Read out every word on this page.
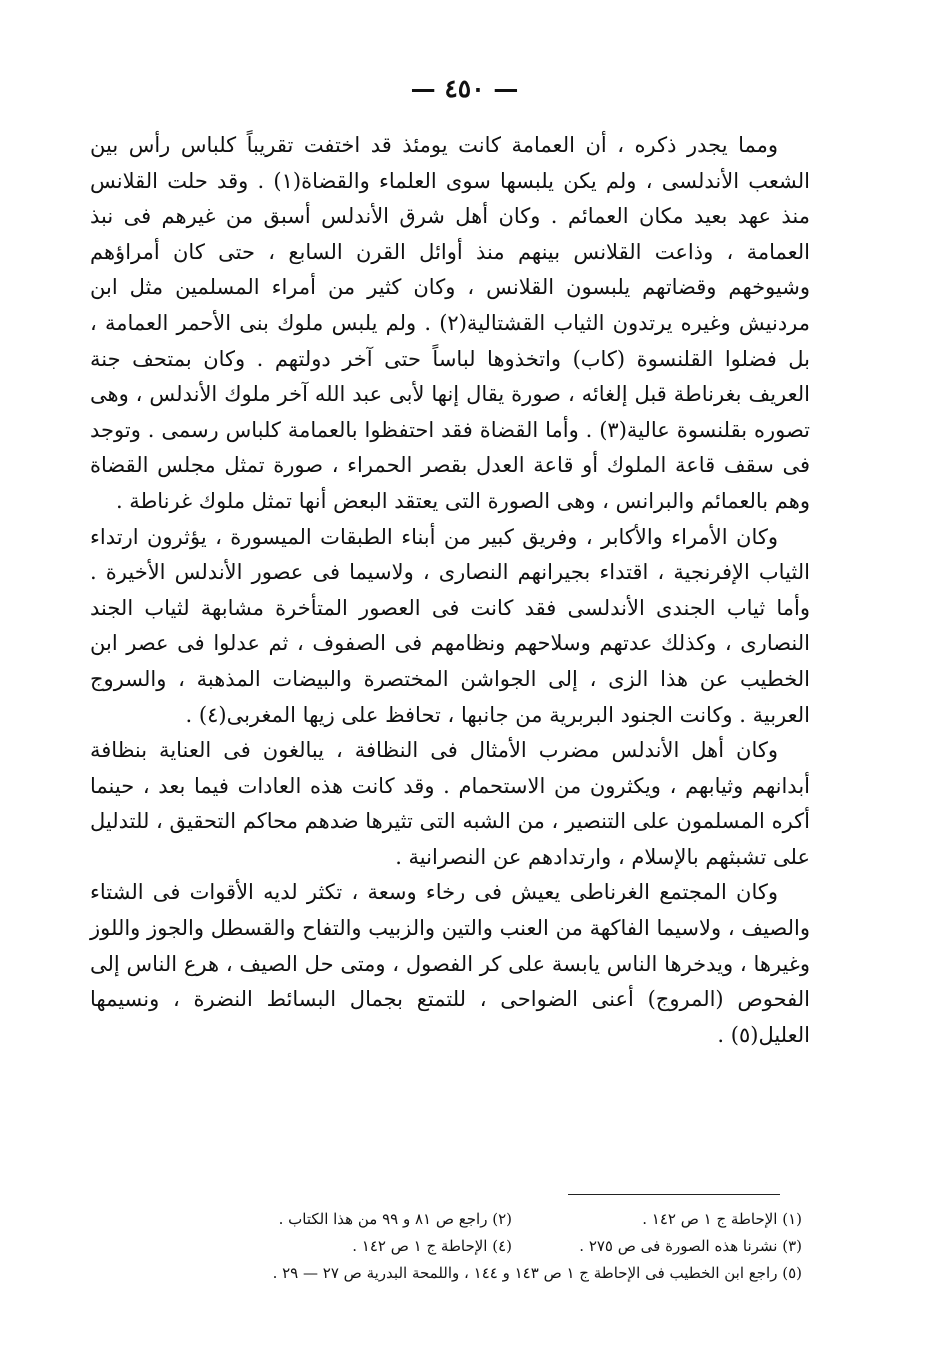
— ٤٥٠ —

ومما يجدر ذكره ، أن العمامة كانت يومئذ قد اختفت تقريباً كلباس رأس بين الشعب الأندلسى ، ولم يكن يلبسها سوى العلماء والقضاة(١) . وقد حلت القلانس منذ عهد بعيد مكان العمائم . وكان أهل شرق الأندلس أسبق من غيرهم فى نبذ العمامة ، وذاعت القلانس بينهم منذ أوائل القرن السابع ، حتى كان أمراؤهم وشيوخهم وقضاتهم يلبسون القلانس ، وكان كثير من أمراء المسلمين مثل ابن مردنيش وغيره يرتدون الثياب القشتالية(٢) . ولم يلبس ملوك بنى الأحمر العمامة ، بل فضلوا القلنسوة (كاب) واتخذوها لباساً حتى آخر دولتهم . وكان بمتحف جنة العريف بغرناطة قبل إلغائه ، صورة يقال إنها لأبى عبد الله آخر ملوك الأندلس ، وهى تصوره بقلنسوة عالية(٣) . وأما القضاة فقد احتفظوا بالعمامة كلباس رسمى . وتوجد فى سقف قاعة الملوك أو قاعة العدل بقصر الحمراء ، صورة تمثل مجلس القضاة وهم بالعمائم والبرانس ، وهى الصورة التى يعتقد البعض أنها تمثل ملوك غرناطة .

وكان الأمراء والأكابر ، وفريق كبير من أبناء الطبقات الميسورة ، يؤثرون ارتداء الثياب الإفرنجية ، اقتداء بجيرانهم النصارى ، ولاسيما فى عصور الأندلس الأخيرة . وأما ثياب الجندى الأندلسى فقد كانت فى العصور المتأخرة مشابهة لثياب الجند النصارى ، وكذلك عدتهم وسلاحهم ونظامهم فى الصفوف ، ثم عدلوا فى عصر ابن الخطيب عن هذا الزى ، إلى الجواشن المختصرة والبيضات المذهبة ، والسروج العربية . وكانت الجنود البربرية من جانبها ، تحافظ على زيها المغربى(٤) .

وكان أهل الأندلس مضرب الأمثال فى النظافة ، يبالغون فى العناية بنظافة أبدانهم وثيابهم ، ويكثرون من الاستحمام . وقد كانت هذه العادات فيما بعد ، حينما أكره المسلمون على التنصير ، من الشبه التى تثيرها ضدهم محاكم التحقيق ، للتدليل على تشبثهم بالإسلام ، وارتدادهم عن النصرانية .

وكان المجتمع الغرناطى يعيش فى رخاء وسعة ، تكثر لديه الأقوات فى الشتاء والصيف ، ولاسيما الفاكهة من العنب والتين والزبيب والتفاح والقسطل والجوز واللوز وغيرها ، ويدخرها الناس يابسة على كر الفصول ، ومتى حل الصيف ، هرع الناس إلى الفحوص (المروج) أعنى الضواحى ، للتمتع بجمال البسائط النضرة ، ونسيمها العليل(٥) .

(١) الإحاطة ج ١ ص ١٤٢ .
(٢) راجع ص ٨١ و ٩٩ من هذا الكتاب .
(٣) نشرنا هذه الصورة فى ص ٢٧٥ .
(٤) الإحاطة ج ١ ص ١٤٢ .
(٥) راجع ابن الخطيب فى الإحاطة ج ١ ص ١٤٣ و ١٤٤ ، واللمحة البدرية ص ٢٧ — ٢٩ .
